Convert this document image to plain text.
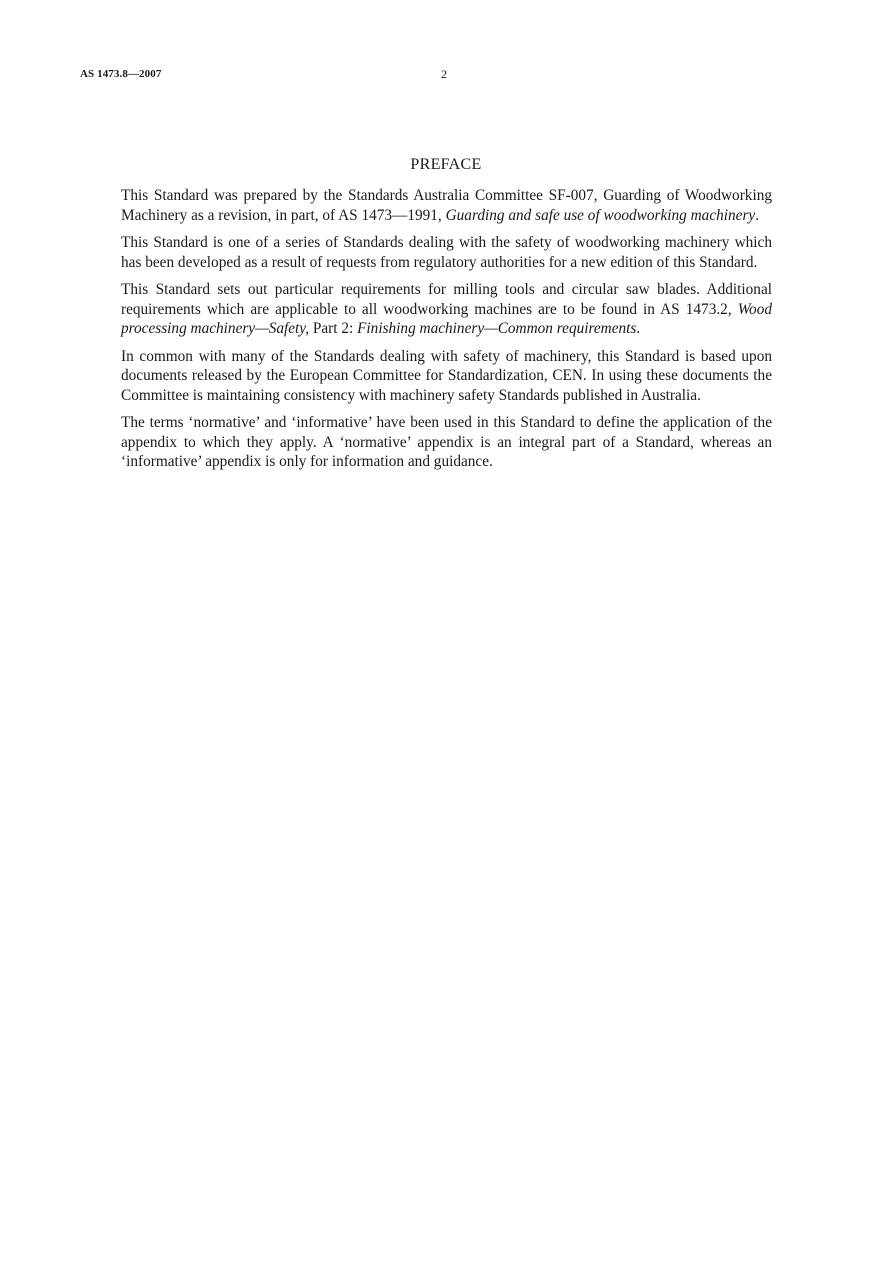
AS 1473.8—2007	2
PREFACE

This Standard was prepared by the Standards Australia Committee SF-007, Guarding of Woodworking Machinery as a revision, in part, of AS 1473—1991, Guarding and safe use of woodworking machinery.

This Standard is one of a series of Standards dealing with the safety of woodworking machinery which has been developed as a result of requests from regulatory authorities for a new edition of this Standard.

This Standard sets out particular requirements for milling tools and circular saw blades. Additional requirements which are applicable to all woodworking machines are to be found in AS 1473.2, Wood processing machinery—Safety, Part 2: Finishing machinery—Common requirements.

In common with many of the Standards dealing with safety of machinery, this Standard is based upon documents released by the European Committee for Standardization, CEN. In using these documents the Committee is maintaining consistency with machinery safety Standards published in Australia.

The terms ‘normative’ and ‘informative’ have been used in this Standard to define the application of the appendix to which they apply. A ‘normative’ appendix is an integral part of a Standard, whereas an ‘informative’ appendix is only for information and guidance.
